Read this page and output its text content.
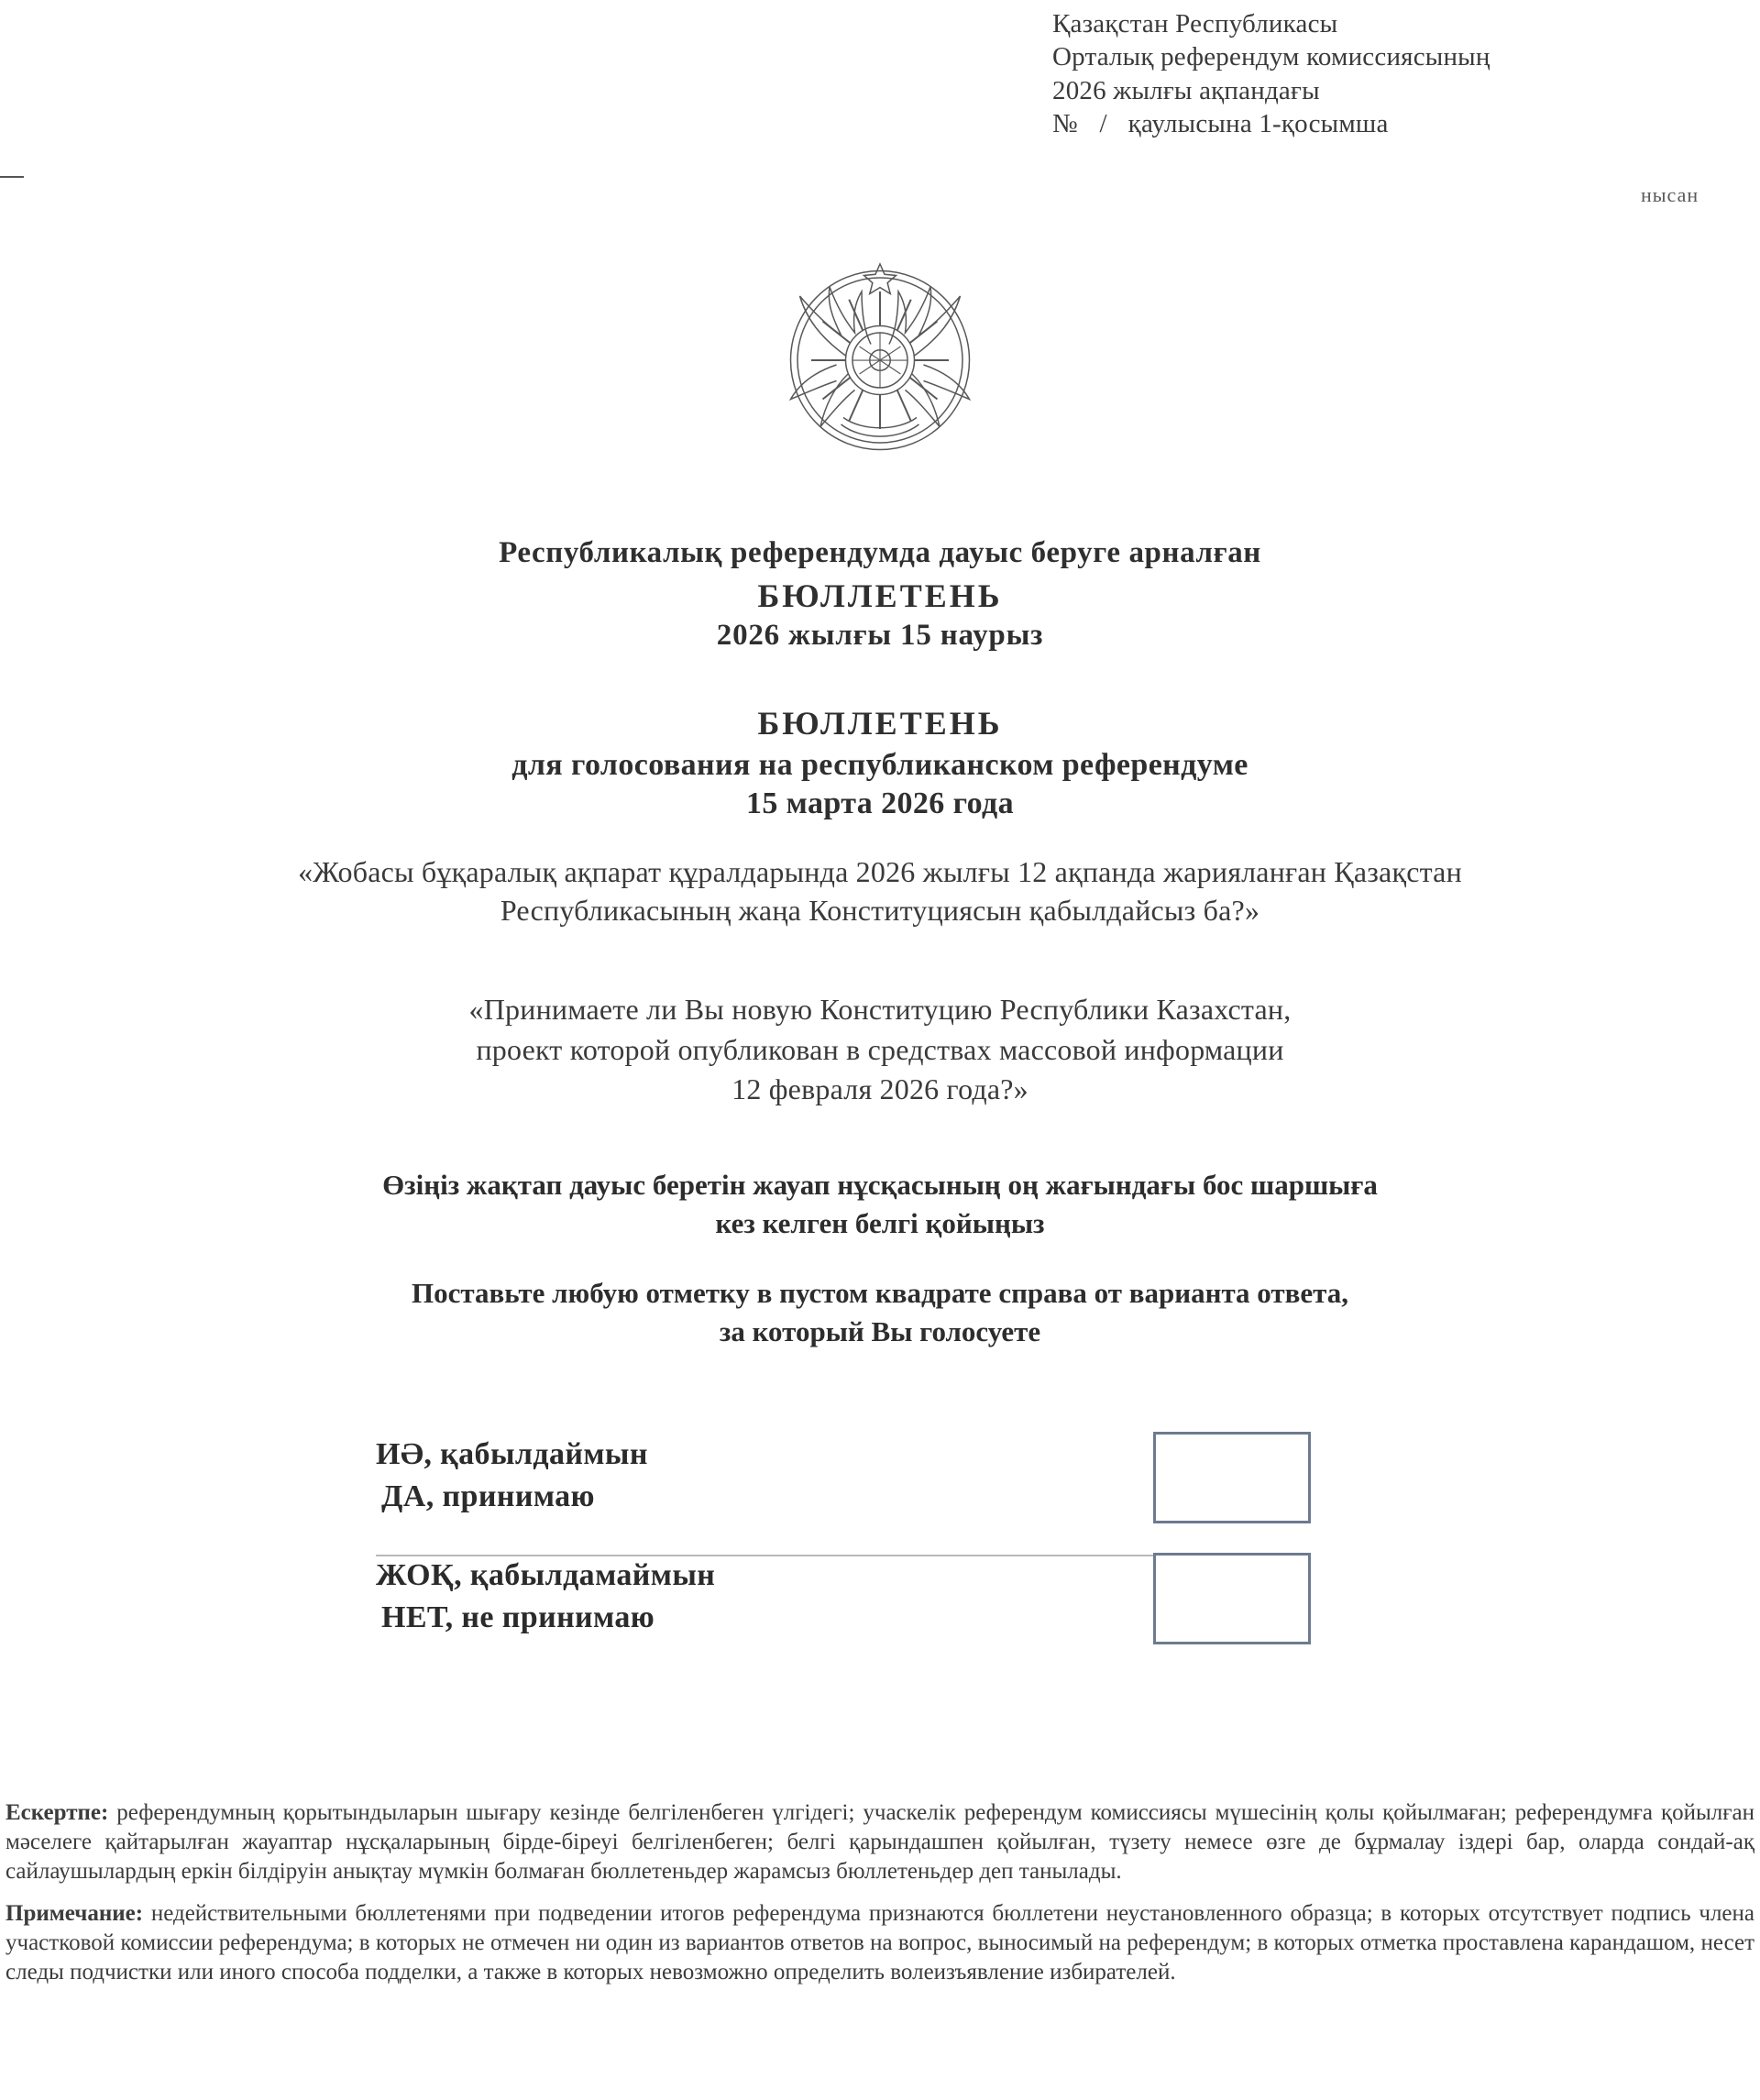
Қазақстан Республикасы
Орталық референдум комиссиясының
2026 жылғы ақпандағы
№ / қаулысына 1-қосымша
нысан
Республикалық референдумда дауыс беруге арналған
БЮЛЛЕТЕНЬ
2026 жылғы 15 наурыз
БЮЛЛЕТЕНЬ
для голосования на республиканском референдуме
15 марта 2026 года
«Жобасы бұқаралық ақпарат құралдарында 2026 жылғы 12 ақпанда жарияланған Қазақстан
Республикасының жаңа Конституциясын қабылдайсыз ба?»
«Принимаете ли Вы новую Конституцию Республики Казахстан,
проект которой опубликован в средствах массовой информации
12 февраля 2026 года?»
Өзіңіз жақтап дауыс беретін жауап нұсқасының оң жағындағы бос шаршыға
кез келген белгі қойыңыз
Поставьте любую отметку в пустом квадрате справа от варианта ответа,
за который Вы голосуете
ИӘ, қабылдаймын
ДА, принимаю
ЖОҚ, қабылдамаймын
НЕТ, не принимаю
Ескертпе: референдумның қорытындыларын шығару кезінде белгіленбеген үлгідегі; учаскелік референдум комиссиясы мүшесінің қолы қойылмаған; референдумға қойылған мәселеге қайтарылған жауаптар нұсқаларының бірде-біреуі белгіленбеген; белгі қарындашпен қойылған, түзету немесе өзге де бұрмалау іздері бар, оларда сондай-ақ сайлаушылардың еркін білдіруін анықтау мүмкін болмаған бюллетеньдер жарамсыз бюллетеньдер деп танылады.
Примечание: недействительными бюллетенями при подведении итогов референдума признаются бюллетени неустановленного образца; в которых отсутствует подпись члена участковой комиссии референдума; в которых не отмечен ни один из вариантов ответов на вопрос, выносимый на референдум; в которых отметка проставлена карандашом, несет следы подчистки или иного способа подделки, а также в которых невозможно определить волеизъявление избирателей.
